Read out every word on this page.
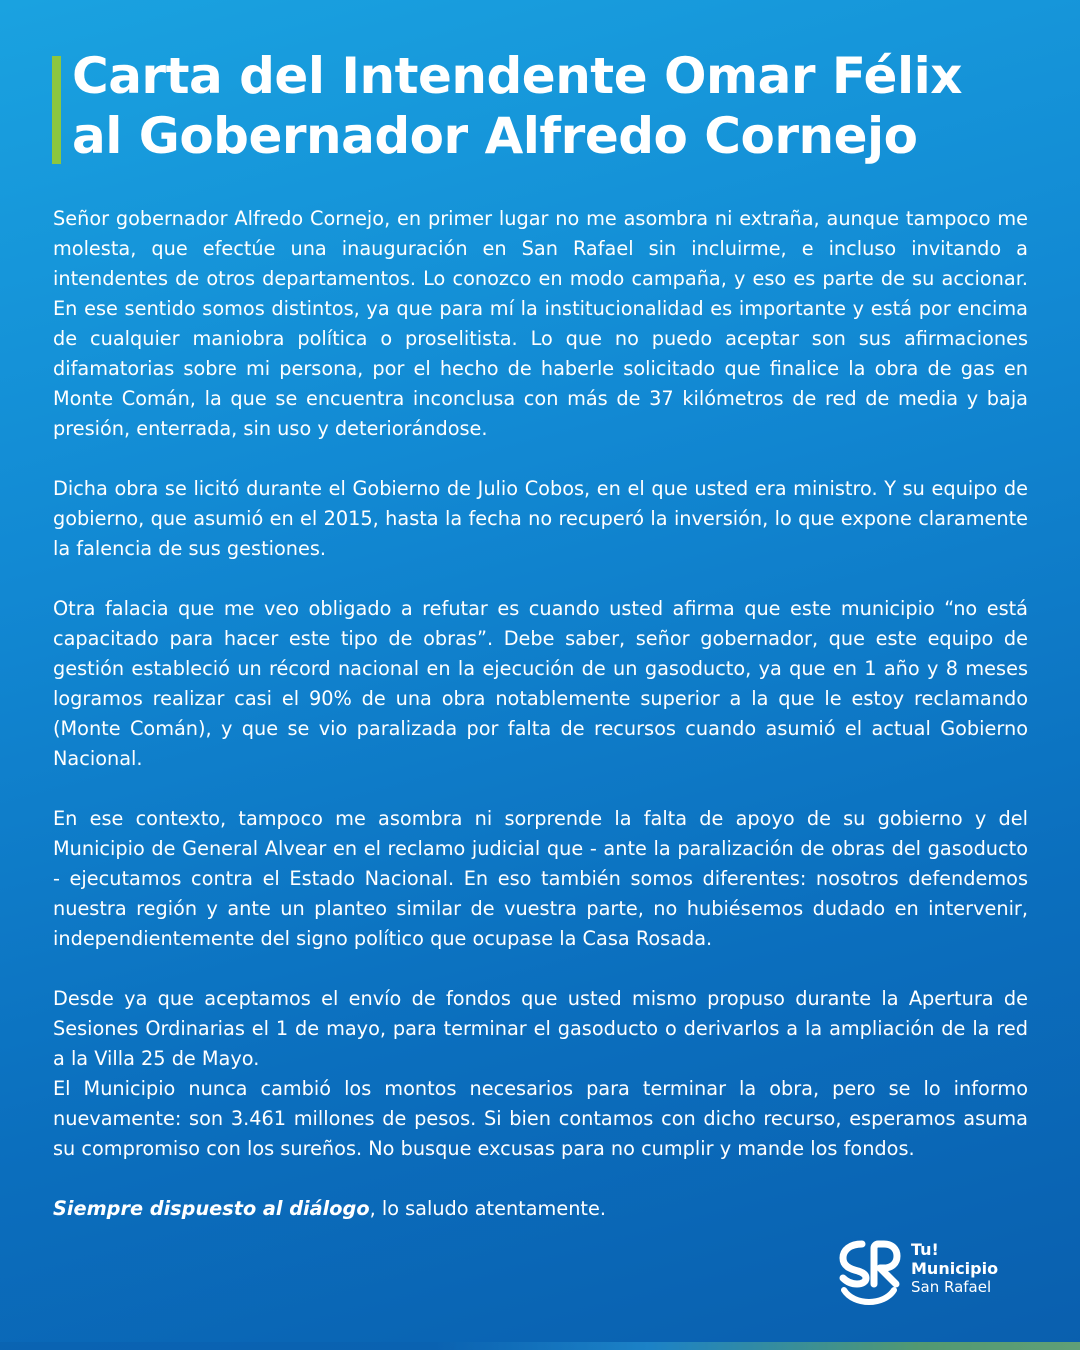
Carta del Intendente Omar Félix
al Gobernador Alfredo Cornejo

Señor gobernador Alfredo Cornejo, en primer lugar no me asombra ni extraña, aunque tampoco me molesta, que efectúe una inauguración en San Rafael sin incluirme, e incluso invitando a intendentes de otros departamentos. Lo conozco en modo campaña, y eso es parte de su accionar. En ese sentido somos distintos, ya que para mí la institucionalidad es importante y está por encima de cualquier maniobra política o proselitista. Lo que no puedo aceptar son sus afirmaciones difamatorias sobre mi persona, por el hecho de haberle solicitado que finalice la obra de gas en Monte Comán, la que se encuentra inconclusa con más de 37 kilómetros de red de media y baja presión, enterrada, sin uso y deteriorándose.

Dicha obra se licitó durante el Gobierno de Julio Cobos, en el que usted era ministro. Y su equipo de gobierno, que asumió en el 2015, hasta la fecha no recuperó la inversión, lo que expone claramente la falencia de sus gestiones.

Otra falacia que me veo obligado a refutar es cuando usted afirma que este municipio “no está capacitado para hacer este tipo de obras”. Debe saber, señor gobernador, que este equipo de gestión estableció un récord nacional en la ejecución de un gasoducto, ya que en 1 año y 8 meses logramos realizar casi el 90% de una obra notablemente superior a la que le estoy reclamando (Monte Comán), y que se vio paralizada por falta de recursos cuando asumió el actual Gobierno Nacional.

En ese contexto, tampoco me asombra ni sorprende la falta de apoyo de su gobierno y del Municipio de General Alvear en el reclamo judicial que - ante la paralización de obras del gasoducto - ejecutamos contra el Estado Nacional. En eso también somos diferentes: nosotros defendemos nuestra región y ante un planteo similar de vuestra parte, no hubiésemos dudado en intervenir, independientemente del signo político que ocupase la Casa Rosada.

Desde ya que aceptamos el envío de fondos que usted mismo propuso durante la Apertura de Sesiones Ordinarias el 1 de mayo, para terminar el gasoducto o derivarlos a la ampliación de la red a la Villa 25 de Mayo.

El Municipio nunca cambió los montos necesarios para terminar la obra, pero se lo informo nuevamente: son 3.461 millones de pesos. Si bien contamos con dicho recurso, esperamos asuma su compromiso con los sureños. No busque excusas para no cumplir y mande los fondos.

Siempre dispuesto al diálogo, lo saludo atentamente.

Tu!
Municipio
San Rafael
